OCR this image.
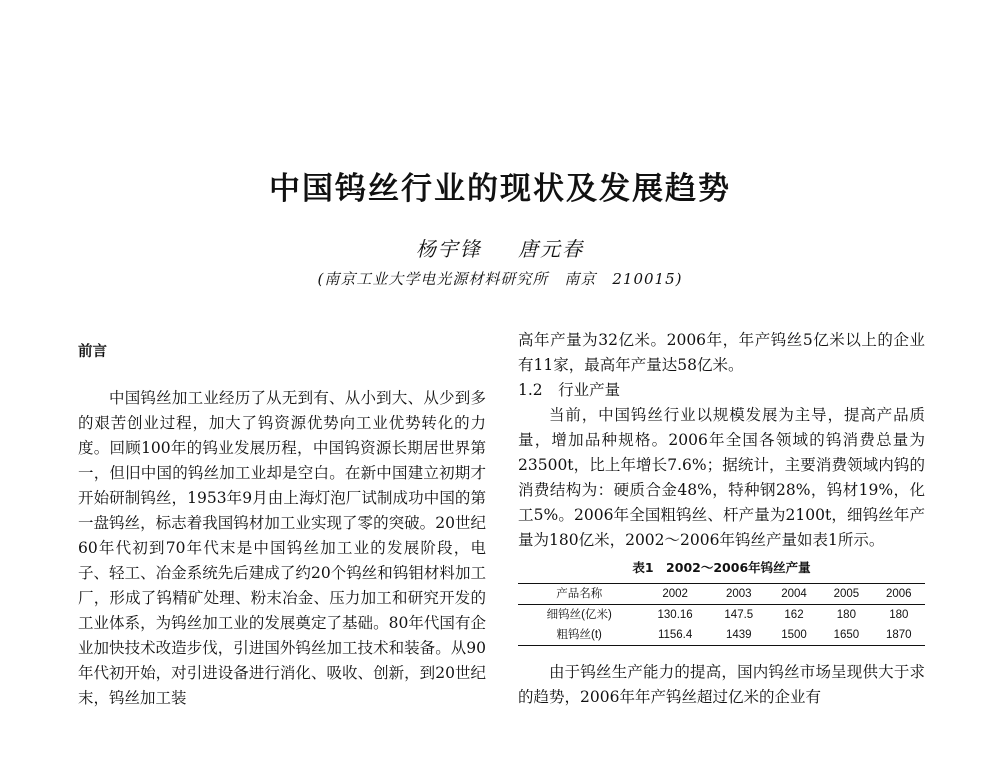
中国钨丝行业的现状及发展趋势
杨宇锋 唐元春
(南京工业大学电光源材料研究所　南京　210015)
前言

中国钨丝加工业经历了从无到有、从小到大、从少到多的艰苦创业过程，加大了钨资源优势向工业优势转化的力度。回顾100年的钨业发展历程，中国钨资源长期居世界第一，但旧中国的钨丝加工业却是空白。在新中国建立初期才开始研制钨丝，1953年9月由上海灯泡厂试制成功中国的第一盘钨丝，标志着我国钨材加工业实现了零的突破。20世纪60年代初到70年代末是中国钨丝加工业的发展阶段，电子、轻工、冶金系统先后建成了约20个钨丝和钨钼材料加工厂，形成了钨精矿处理、粉末冶金、压力加工和研究开发的工业体系，为钨丝加工业的发展奠定了基础。80年代国有企业加快技术改造步伐，引进国外钨丝加工技术和装备。从90年代初开始，对引进设备进行消化、吸收、创新，到20世纪末，钨丝加工装

高年产量为32亿米。2006年，年产钨丝5亿米以上的企业有11家，最高年产量达58亿米。

1.2　行业产量

当前，中国钨丝行业以规模发展为主导，提高产品质量，增加品种规格。2006年全国各领域的钨消费总量为23500t，比上年增长7.6%；据统计，主要消费领域内钨的消费结构为：硬质合金48%，特种钢28%，钨材19%，化工5%。2006年全国粗钨丝、杆产量为2100t，细钨丝年产量为180亿米，2002～2006年钨丝产量如表1所示。

表1　2002～2006年钨丝产量
产品名称	2002	2003	2004	2005	2006
细钨丝(亿米)	130.16	147.5	162	180	180
粗钨丝(t)	1156.4	1439	1500	1650	1870

由于钨丝生产能力的提高，国内钨丝市场呈现供大于求的趋势，2006年年产钨丝超过亿米的企业有
